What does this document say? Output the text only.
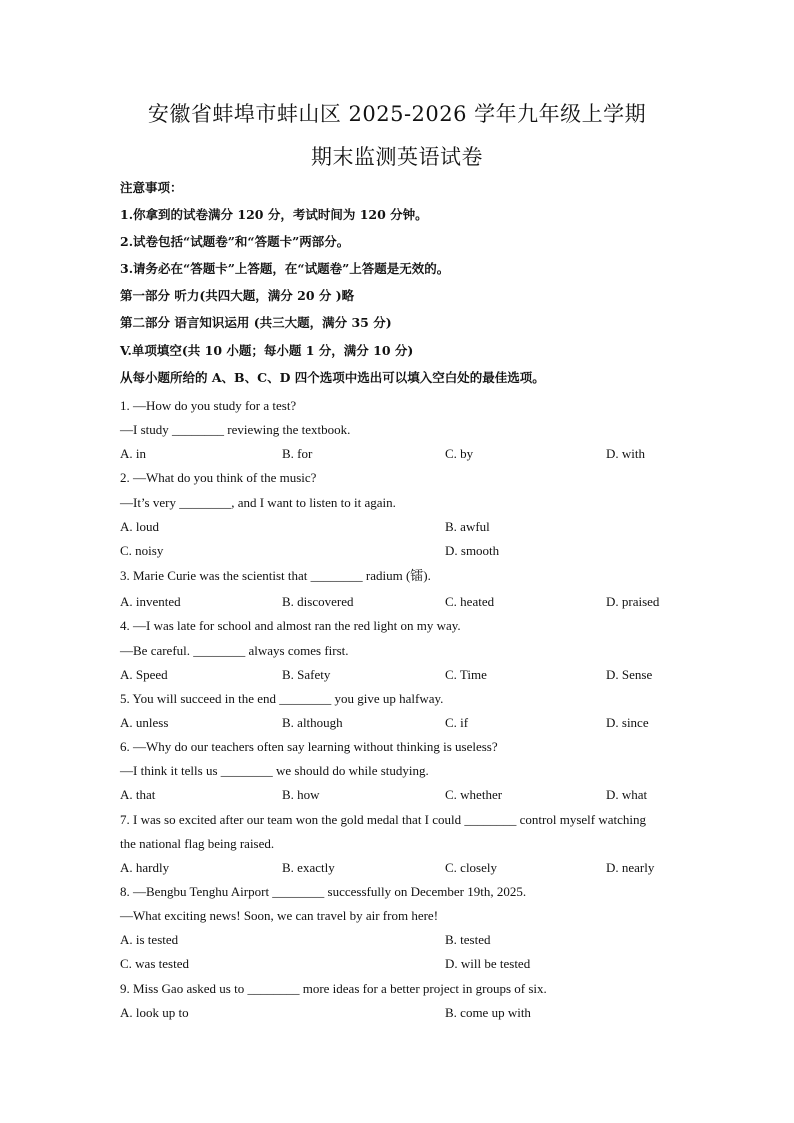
安徽省蚌埠市蚌山区 2025-2026 学年九年级上学期
期末监测英语试卷
注意事项：
1.你拿到的试卷满分 120 分，考试时间为 120 分钟。
2.试卷包括“试题卷”和“答题卡”两部分。
3.请务必在“答题卡”上答题，在“试题卷”上答题是无效的。
第一部分 听力(共四大题，满分 20 分 )略
第二部分 语言知识运用 (共三大题，满分 35 分)
V.单项填空(共 10 小题；每小题 1 分，满分 10 分)
从每小题所给的 A、B、C、D 四个选项中选出可以填入空白处的最佳选项。
1. —How do you study for a test?
—I study ________ reviewing the textbook.
A. in	B. for	C. by	D. with
2. —What do you think of the music?
—It’s very ________, and I want to listen to it again.
A. loud	B. awful
C. noisy	D. smooth
3. Marie Curie was the scientist that ________ radium (镭).
A. invented	B. discovered	C. heated	D. praised
4. —I was late for school and almost ran the red light on my way.
—Be careful. ________ always comes first.
A. Speed	B. Safety	C. Time	D. Sense
5. You will succeed in the end ________ you give up halfway.
A. unless	B. although	C. if	D. since
6. —Why do our teachers often say learning without thinking is useless?
—I think it tells us ________ we should do while studying.
A. that	B. how	C. whether	D. what
7. I was so excited after our team won the gold medal that I could ________ control myself watching
the national flag being raised.
A. hardly	B. exactly	C. closely	D. nearly
8. —Bengbu Tenghu Airport ________ successfully on December 19th, 2025.
—What exciting news! Soon, we can travel by air from here!
A. is tested	B. tested
C. was tested	D. will be tested
9. Miss Gao asked us to ________ more ideas for a better project in groups of six.
A. look up to	B. come up with
